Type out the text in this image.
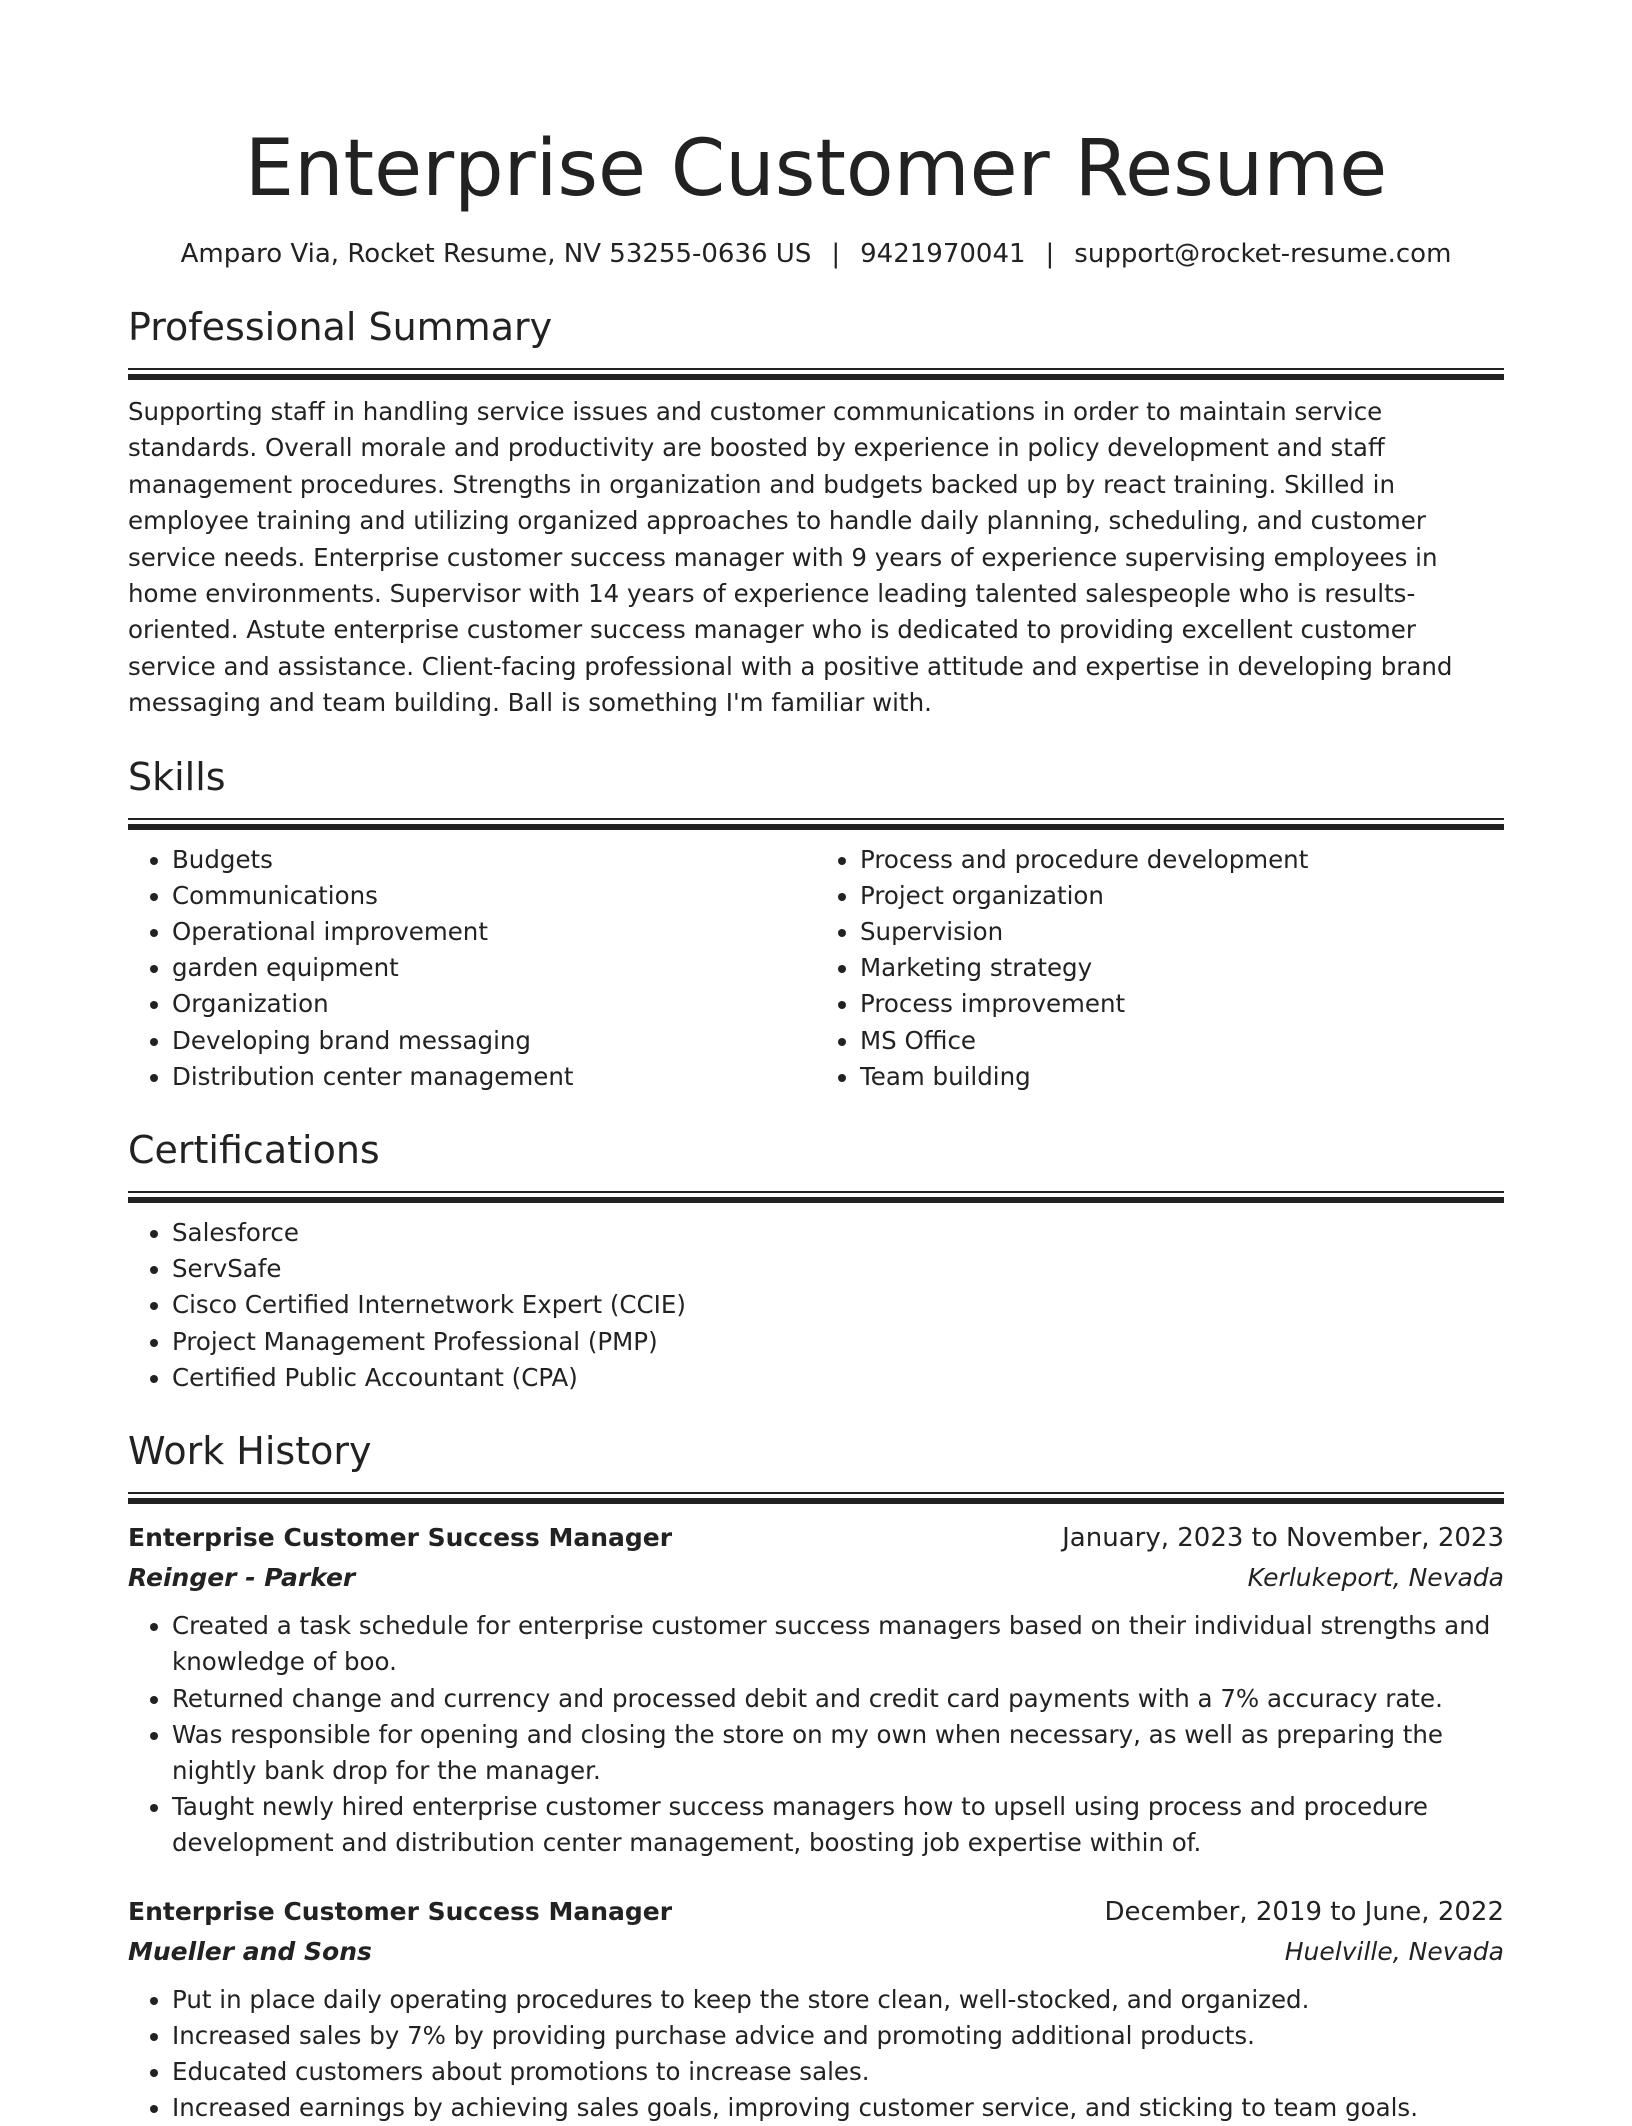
Enterprise Customer Resume
Amparo Via, Rocket Resume, NV 53255-0636 US | 9421970041 | support@rocket-resume.com
Professional Summary

Supporting staff in handling service issues and customer communications in order to maintain service standards. Overall morale and productivity are boosted by experience in policy development and staff management procedures. Strengths in organization and budgets backed up by react training. Skilled in employee training and utilizing organized approaches to handle daily planning, scheduling, and customer service needs. Enterprise customer success manager with 9 years of experience supervising employees in home environments. Supervisor with 14 years of experience leading talented salespeople who is results-oriented. Astute enterprise customer success manager who is dedicated to providing excellent customer service and assistance. Client-facing professional with a positive attitude and expertise in developing brand messaging and team building. Ball is something I'm familiar with.

Skills
• Budgets
• Communications
• Operational improvement
• garden equipment
• Organization
• Developing brand messaging
• Distribution center management
• Process and procedure development
• Project organization
• Supervision
• Marketing strategy
• Process improvement
• MS Office
• Team building
Certifications
• Salesforce
• ServSafe
• Cisco Certified Internetwork Expert (CCIE)
• Project Management Professional (PMP)
• Certified Public Accountant (CPA)
Work History
Enterprise Customer Success Manager	January, 2023 to November, 2023
Reinger - Parker	Kerlukeport, Nevada
• Created a task schedule for enterprise customer success managers based on their individual strengths and knowledge of boo.
• Returned change and currency and processed debit and credit card payments with a 7% accuracy rate.
• Was responsible for opening and closing the store on my own when necessary, as well as preparing the nightly bank drop for the manager.
• Taught newly hired enterprise customer success managers how to upsell using process and procedure development and distribution center management, boosting job expertise within of.
Enterprise Customer Success Manager	December, 2019 to June, 2022
Mueller and Sons	Huelville, Nevada
• Put in place daily operating procedures to keep the store clean, well-stocked, and organized.
• Increased sales by 7% by providing purchase advice and promoting additional products.
• Educated customers about promotions to increase sales.
• Increased earnings by achieving sales goals, improving customer service, and sticking to team goals.
